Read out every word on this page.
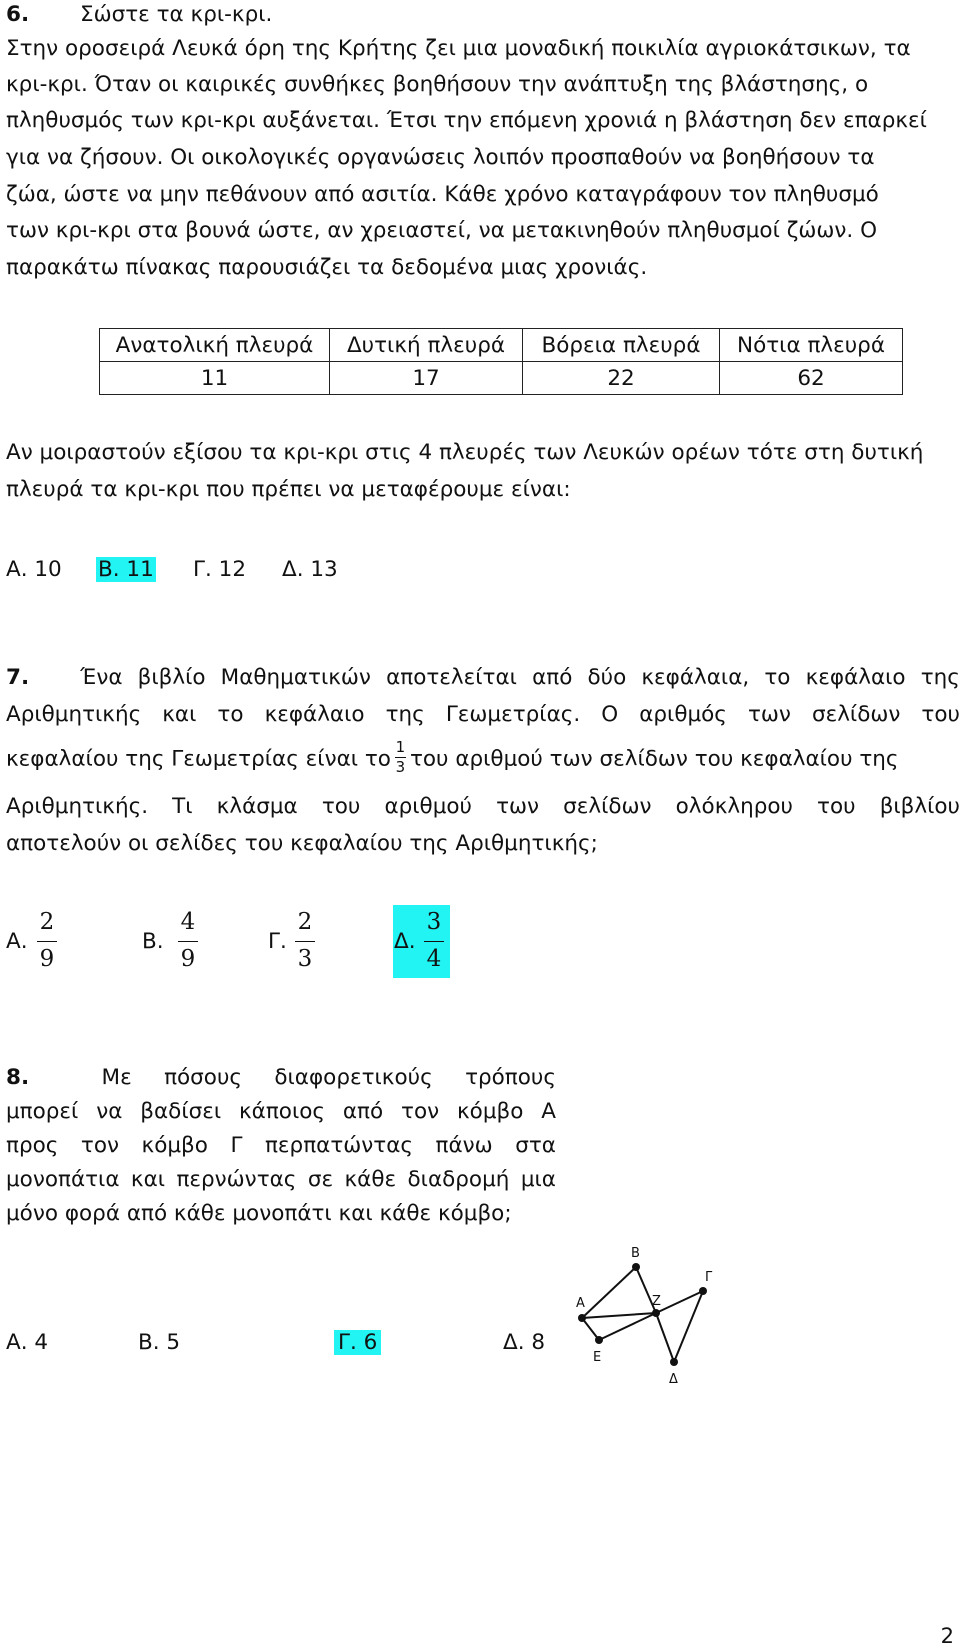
6. Σώστε τα κρι-κρι.
Στην οροσειρά Λευκά όρη της Κρήτης ζει μια μοναδική ποικιλία αγριοκάτσικων, τα
κρι-κρι. Όταν οι καιρικές συνθήκες βοηθήσουν την ανάπτυξη της βλάστησης, ο
πληθυσμός των κρι-κρι αυξάνεται. Έτσι την επόμενη χρονιά η βλάστηση δεν επαρκεί
για να ζήσουν. Οι οικολογικές οργανώσεις λοιπόν προσπαθούν να βοηθήσουν τα
ζώα, ώστε να μην πεθάνουν από ασιτία. Κάθε χρόνο καταγράφουν τον πληθυσμό
των κρι-κρι στα βουνά ώστε, αν χρειαστεί, να μετακινηθούν πληθυσμοί ζώων. Ο
παρακάτω πίνακας παρουσιάζει τα δεδομένα μιας χρονιάς.
Ανατολική πλευρά	Δυτική πλευρά	Βόρεια πλευρά	Νότια πλευρά
11	17	22	62
Αν μοιραστούν εξίσου τα κρι-κρι στις 4 πλευρές των Λευκών ορέων τότε στη δυτική
πλευρά τα κρι-κρι που πρέπει να μεταφέρουμε είναι:
Α. 10 Β. 11 Γ. 12 Δ. 13
7. Ένα βιβλίο Μαθηματικών αποτελείται από δύο κεφάλαια, το κεφάλαιο της
Αριθμητικής και το κεφάλαιο της Γεωμετρίας. Ο αριθμός των σελίδων του
κεφαλαίου της Γεωμετρίας είναι το $\frac{1}{3}$ του αριθμού των σελίδων του κεφαλαίου της
Αριθμητικής. Τι κλάσμα του αριθμού των σελίδων ολόκληρου του βιβλίου
αποτελούν οι σελίδες του κεφαλαίου της Αριθμητικής;
Α.
2
9
Β.
4
9
Γ.
2
3
Δ.
3
4
8.	Με πόσους διαφορετικούς τρόπους
μπορεί να βαδίσει κάποιος από τον κόμβο Α
προς τον κόμβο Γ περπατώντας πάνω στα
μονοπάτια και περνώντας σε κάθε διαδρομή μια
μόνο φορά από κάθε μονοπάτι και κάθε κόμβο;
Α. 4	Β. 5	Γ. 6	Δ. 8
Α
Β
Ζ
Γ
Ε
Δ
2
